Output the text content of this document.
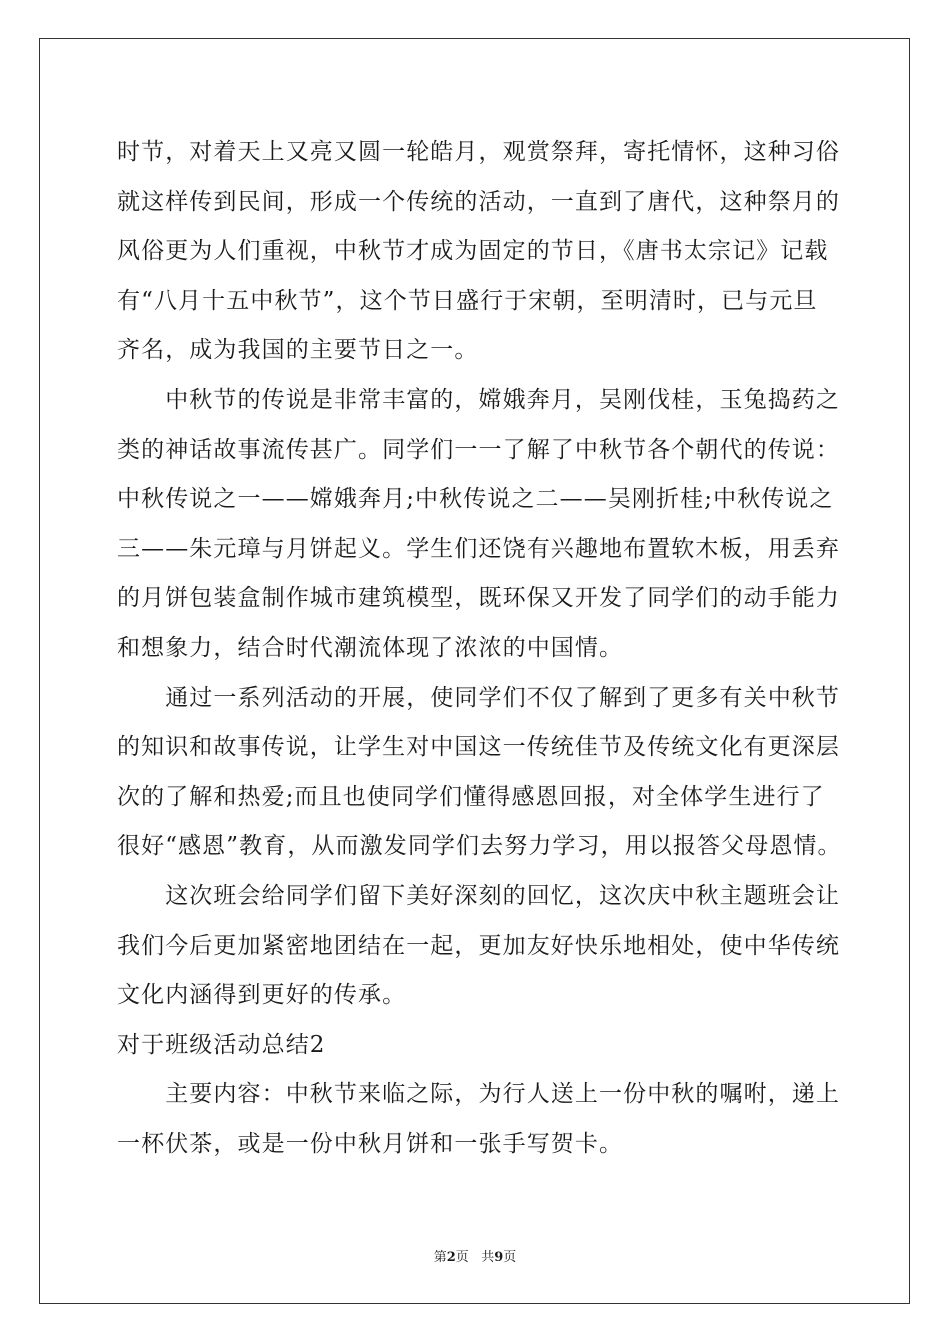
时节，对着天上又亮又圆一轮皓月，观赏祭拜，寄托情怀，这种习俗
就这样传到民间，形成一个传统的活动，一直到了唐代，这种祭月的
风俗更为人们重视，中秋节才成为固定的节日，《唐书太宗记》记载
有“八月十五中秋节”，这个节日盛行于宋朝，至明清时，已与元旦
齐名，成为我国的主要节日之一。
　　中秋节的传说是非常丰富的，嫦娥奔月，吴刚伐桂，玉兔捣药之
类的神话故事流传甚广。同学们一一了解了中秋节各个朝代的传说：
中秋传说之一——嫦娥奔月;中秋传说之二——吴刚折桂;中秋传说之
三——朱元璋与月饼起义。学生们还饶有兴趣地布置软木板，用丢弃
的月饼包装盒制作城市建筑模型，既环保又开发了同学们的动手能力
和想象力，结合时代潮流体现了浓浓的中国情。
　　通过一系列活动的开展，使同学们不仅了解到了更多有关中秋节
的知识和故事传说，让学生对中国这一传统佳节及传统文化有更深层
次的了解和热爱;而且也使同学们懂得感恩回报，对全体学生进行了
很好“感恩”教育，从而激发同学们去努力学习，用以报答父母恩情。
　　这次班会给同学们留下美好深刻的回忆，这次庆中秋主题班会让
我们今后更加紧密地团结在一起，更加友好快乐地相处，使中华传统
文化内涵得到更好的传承。
对于班级活动总结2
　　主要内容：中秋节来临之际，为行人送上一份中秋的嘱咐，递上
一杯伏茶，或是一份中秋月饼和一张手写贺卡。
第2页 共9页
